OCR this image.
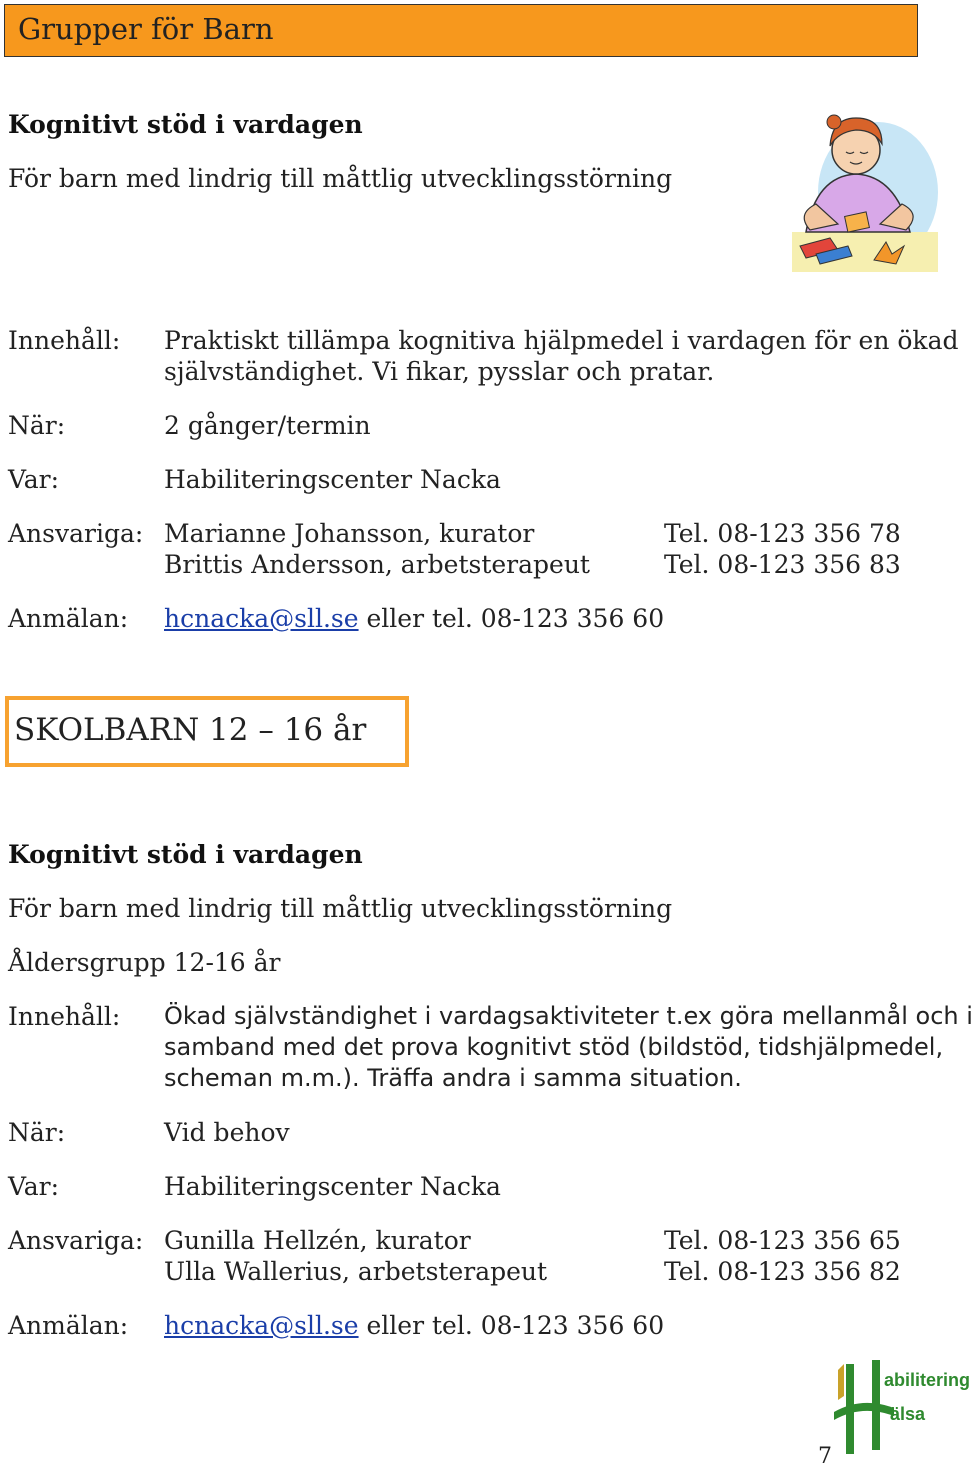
Grupper för Barn
Kognitivt stöd i vardagen
För barn med lindrig till måttlig utvecklingsstörning
Innehåll: Praktiskt tillämpa kognitiva hjälpmedel i vardagen för en ökad
självständighet. Vi fikar, pysslar och pratar.
När:	2 gånger/termin
Var:	Habiliteringscenter Nacka
Ansvariga: Marianne Johansson, kurator	Tel. 08-123 356 78
Brittis Andersson, arbetsterapeut	Tel. 08-123 356 83
Anmälan: hcnacka@sll.se eller tel. 08-123 356 60
SKOLBARN 12 – 16 år
Kognitivt stöd i vardagen
För barn med lindrig till måttlig utvecklingsstörning
Åldersgrupp 12-16 år
Innehåll: Ökad självständighet i vardagsaktiviteter t.ex göra mellanmål och i
samband med det prova kognitivt stöd (bildstöd, tidshjälpmedel,
scheman m.m.). Träffa andra i samma situation.
När:	Vid behov
Var:	Habiliteringscenter Nacka
Ansvariga: Gunilla Hellzén, kurator	Tel. 08-123 356 65
Ulla Wallerius, arbetsterapeut	Tel. 08-123 356 82
Anmälan: hcnacka@sll.se eller tel. 08-123 356 60
abilitering
älsa
7
